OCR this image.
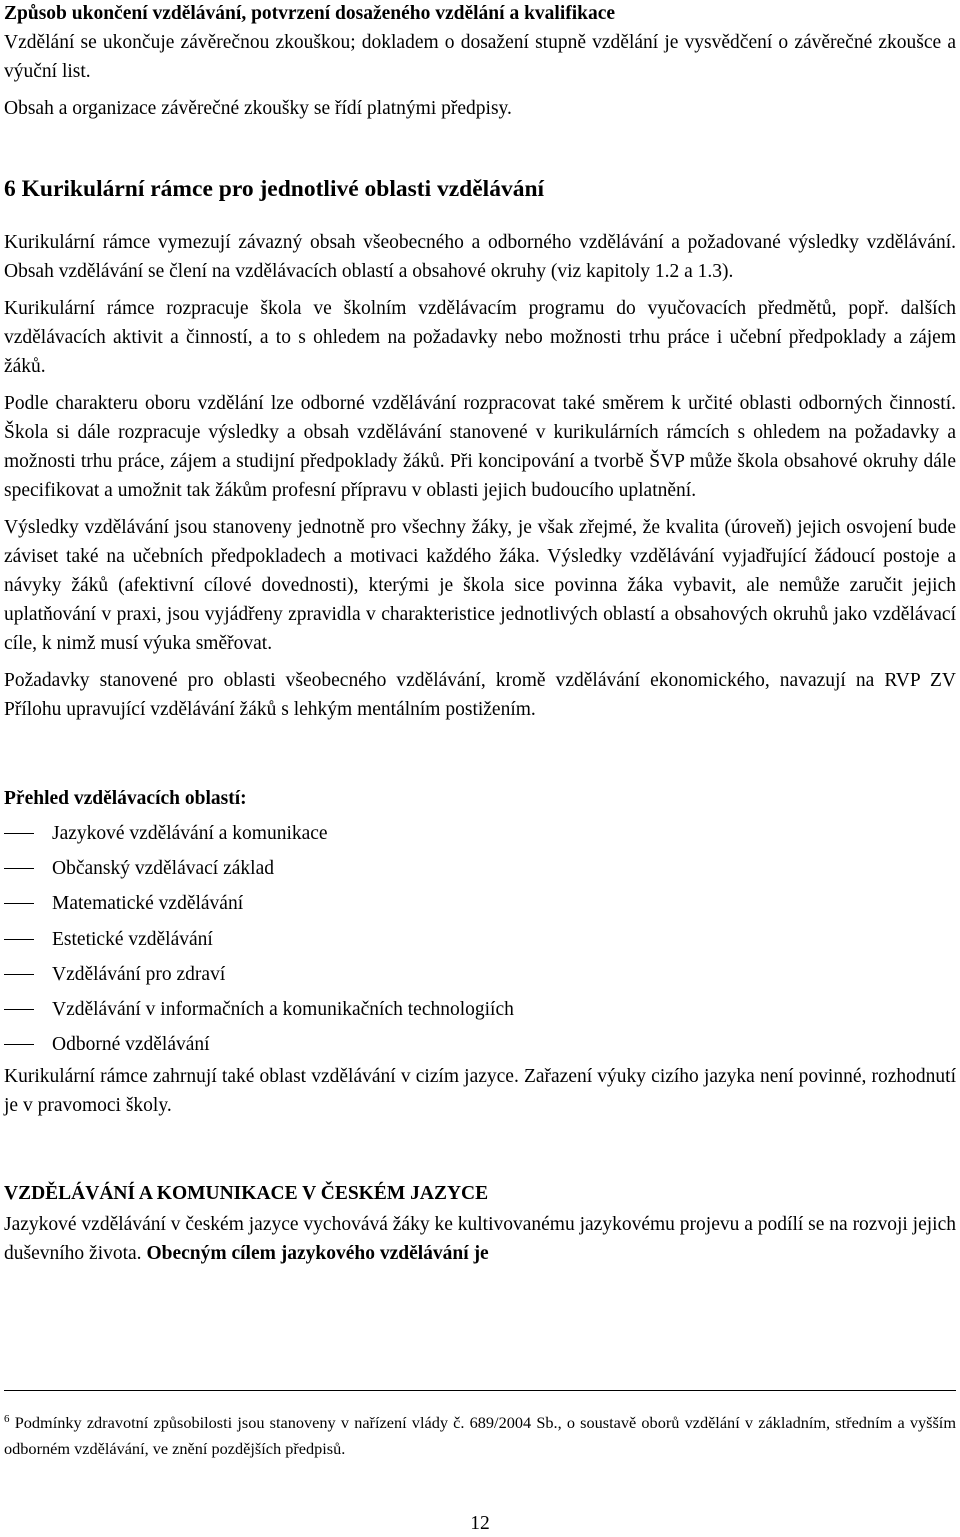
Způsob ukončení vzdělávání, potvrzení dosaženého vzdělání a kvalifikace

Vzdělání se ukončuje závěrečnou zkouškou; dokladem o dosažení stupně vzdělání je vysvědčení o závěrečné zkoušce a výuční list.

Obsah a organizace závěrečné zkoušky se řídí platnými předpisy.

6 Kurikulární rámce pro jednotlivé oblasti vzdělávání

Kurikulární rámce vymezují závazný obsah všeobecného a odborného vzdělávání a požadované výsledky vzdělávání. Obsah vzdělávání se člení na vzdělávacích oblastí a obsahové okruhy (viz kapitoly 1.2 a 1.3).

Kurikulární rámce rozpracuje škola ve školním vzdělávacím programu do vyučovacích předmětů, popř. dalších vzdělávacích aktivit a činností, a to s ohledem na požadavky nebo možnosti trhu práce i učební předpoklady a zájem žáků.

Podle charakteru oboru vzdělání lze odborné vzdělávání rozpracovat také směrem k určité oblasti odborných činností. Škola si dále rozpracuje výsledky a obsah vzdělávání stanovené v kurikulárních rámcích s ohledem na požadavky a možnosti trhu práce, zájem a studijní předpoklady žáků. Při koncipování a tvorbě ŠVP může škola obsahové okruhy dále specifikovat a umožnit tak žákům profesní přípravu v oblasti jejich budoucího uplatnění.

Výsledky vzdělávání jsou stanoveny jednotně pro všechny žáky, je však zřejmé, že kvalita (úroveň) jejich osvojení bude záviset také na učebních předpokladech a motivaci každého žáka. Výsledky vzdělávání vyjadřující žádoucí postoje a návyky žáků (afektivní cílové dovednosti), kterými je škola sice povinna žáka vybavit, ale nemůže zaručit jejich uplatňování v praxi, jsou vyjádřeny zpravidla v charakteristice jednotlivých oblastí a obsahových okruhů jako vzdělávací cíle, k nimž musí výuka směřovat.

Požadavky stanovené pro oblasti všeobecného vzdělávání, kromě vzdělávání ekonomického, navazují na RVP ZV Přílohu upravující vzdělávání žáků s lehkým mentálním postižením.

Přehled vzdělávacích oblastí:

Jazykové vzdělávání a komunikace
Občanský vzdělávací základ
Matematické vzdělávání
Estetické vzdělávání
Vzdělávání pro zdraví
Vzdělávání v informačních a komunikačních technologiích
Odborné vzdělávání

Kurikulární rámce zahrnují také oblast vzdělávání v cizím jazyce. Zařazení výuky cizího jazyka není povinné, rozhodnutí je v pravomoci školy.

VZDĚLÁVÁNÍ A KOMUNIKACE V ČESKÉM JAZYCE

Jazykové vzdělávání v českém jazyce vychovává žáky ke kultivovanému jazykovému projevu a podílí se na rozvoji jejich duševního života. Obecným cílem jazykového vzdělávání je

$^6$ Podmínky zdravotní způsobilosti jsou stanoveny v nařízení vlády č. 689/2004 Sb., o soustavě oborů vzdělání v základním, středním a vyšším odborném vzdělávání, ve znění pozdějších předpisů.

12
